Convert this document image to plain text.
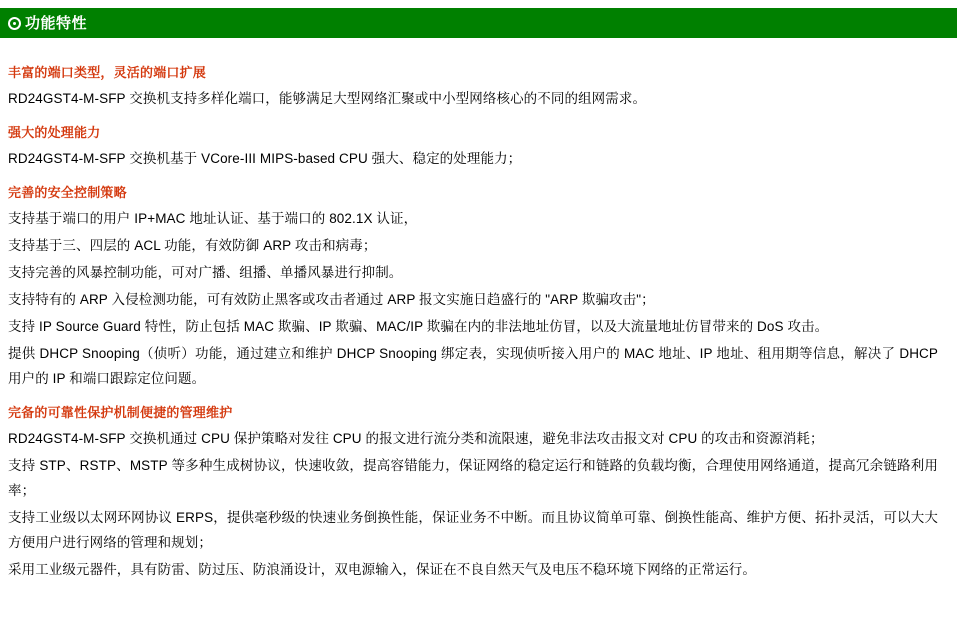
功能特性

丰富的端口类型，灵活的端口扩展

RD24GST4-M-SFP 交换机支持多样化端口，能够满足大型网络汇聚或中小型网络核心的不同的组网需求。

强大的处理能力

RD24GST4-M-SFP 交换机基于 VCore-III MIPS-based CPU 强大、稳定的处理能力；

完善的安全控制策略

支持基于端口的用户 IP+MAC 地址认证、基于端口的 802.1X 认证，

支持基于三、四层的 ACL 功能，有效防御 ARP 攻击和病毒；

支持完善的风暴控制功能，可对广播、组播、单播风暴进行抑制。

支持特有的 ARP 入侵检测功能，可有效防止黑客或攻击者通过 ARP 报文实施日趋盛行的 "ARP 欺骗攻击"；

支持 IP Source Guard 特性，防止包括 MAC 欺骗、IP 欺骗、MAC/IP 欺骗在内的非法地址仿冒，以及大流量地址仿冒带来的 DoS 攻击。

提供 DHCP Snooping（侦听）功能，通过建立和维护 DHCP Snooping 绑定表，实现侦听接入用户的 MAC 地址、IP 地址、租用期等信息，解决了 DHCP 用户的 IP 和端口跟踪定位问题。

完备的可靠性保护机制便捷的管理维护

RD24GST4-M-SFP 交换机通过 CPU 保护策略对发往 CPU 的报文进行流分类和流限速，避免非法攻击报文对 CPU 的攻击和资源消耗；

支持 STP、RSTP、MSTP 等多种生成树协议，快速收敛，提高容错能力，保证网络的稳定运行和链路的负载均衡，合理使用网络通道，提高冗余链路利用率；

支持工业级以太网环网协议 ERPS，提供毫秒级的快速业务倒换性能，保证业务不中断。而且协议简单可靠、倒换性能高、维护方便、拓扑灵活，可以大大方便用户进行网络的管理和规划；

采用工业级元器件，具有防雷、防过压、防浪涌设计，双电源输入，保证在不良自然天气及电压不稳环境下网络的正常运行。
